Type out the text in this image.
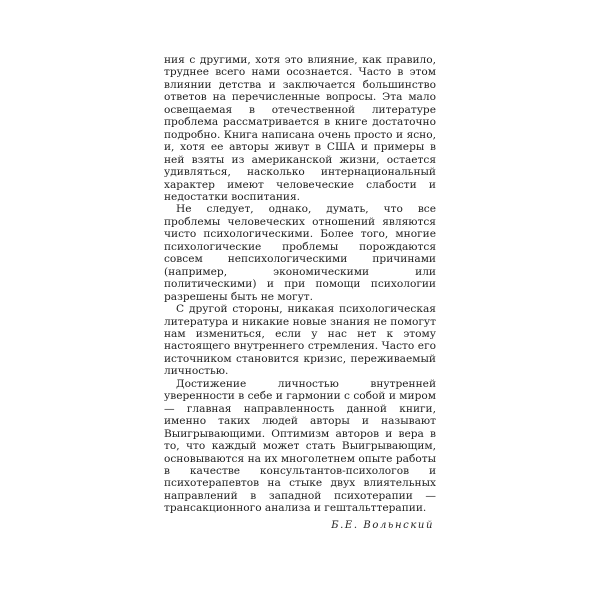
ния с другими, хотя это влияние, как правило, труднее всего нами осознается. Часто в этом влиянии детства и заключается большинство ответов на перечисленные вопросы. Эта мало освещаемая в отечественной литературе проблема рассматривается в книге достаточно подробно. Книга написана очень просто и ясно, и, хотя ее авторы живут в США и примеры в ней взяты из американской жизни, остается удивляться, насколько интернациональный характер имеют человеческие слабости и недостатки воспитания.

Не следует, однако, думать, что все проблемы человеческих отношений являются чисто психологическими. Более того, многие психологические проблемы порождаются совсем непсихологическими причинами (например, экономическими или политическими) и при помощи психологии разрешены быть не могут.

С другой стороны, никакая психологическая литература и никакие новые знания не помогут нам измениться, если у нас нет к этому настоящего внутреннего стремления. Часто его источником становится кризис, переживаемый личностью.

Достижение личностью внутренней уверенности в себе и гармонии с собой и миром — главная направленность данной книги, именно таких людей авторы и называют Выигрывающими. Оптимизм авторов и вера в то, что каждый может стать Выигрывающим, основываются на их многолетнем опыте работы в качестве консультантов-психологов и психотерапевтов на стыке двух влиятельных направлений в западной психотерапии — трансакционного анализа и гештальттерапии.

Б.Е. Вольнский
